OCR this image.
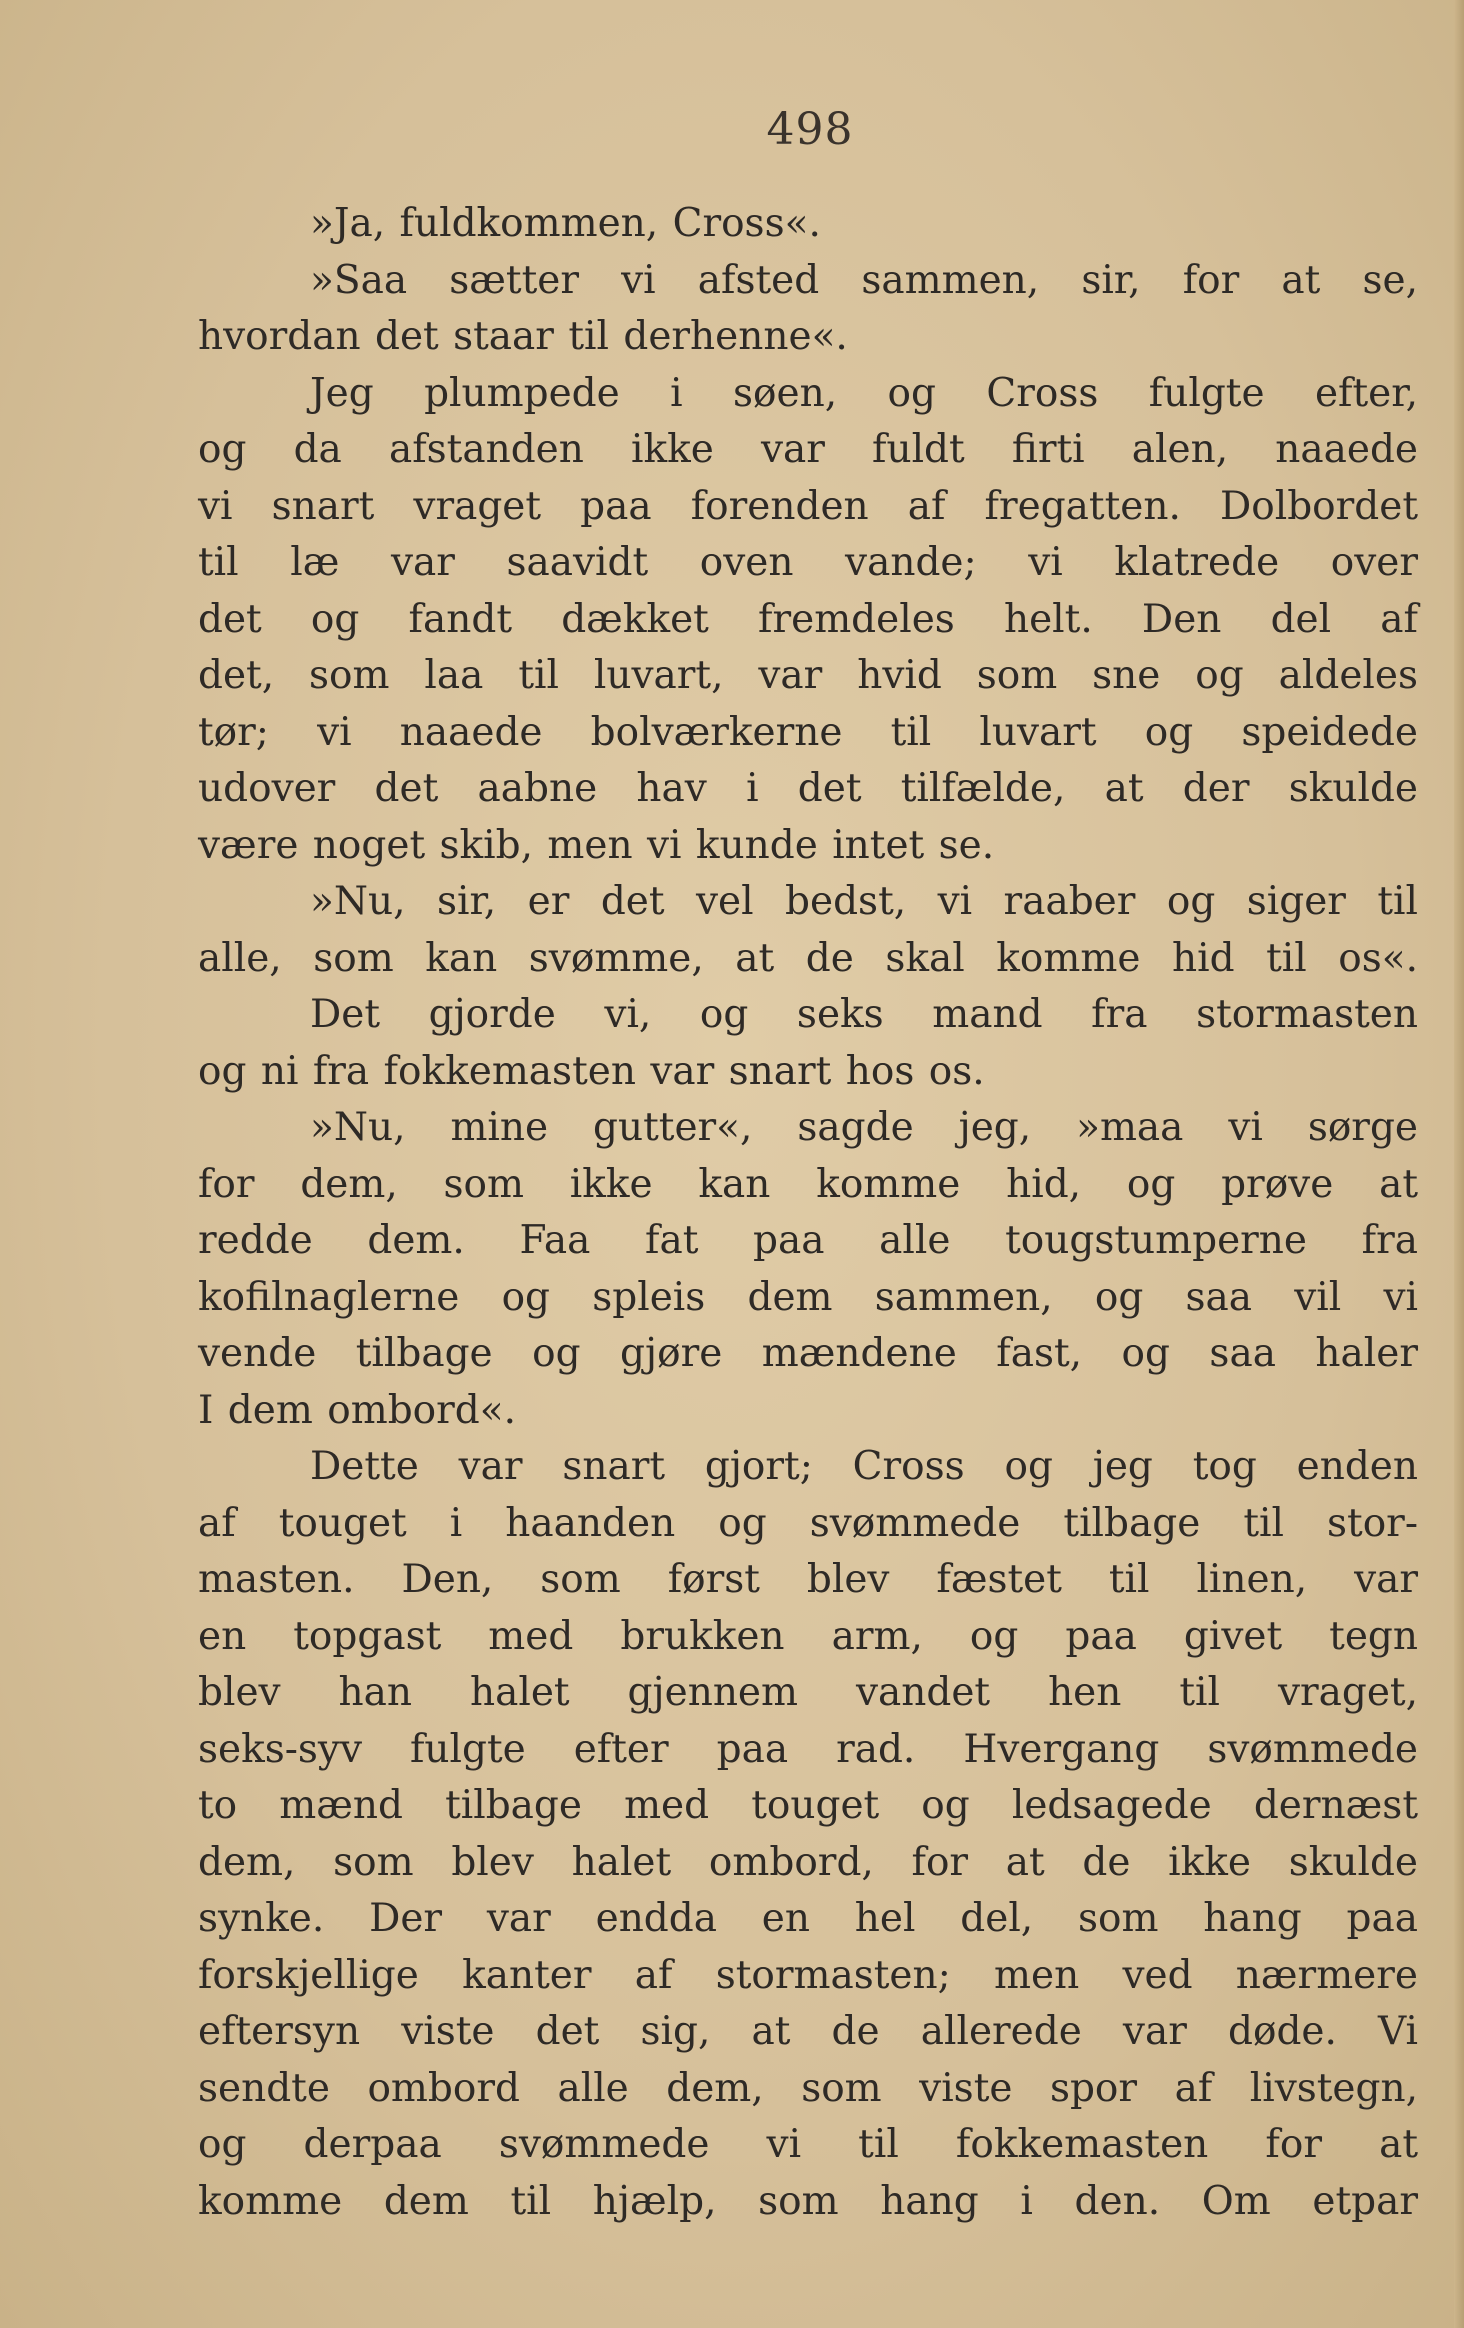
498
»Ja, fuldkommen, Cross«.
»Saa sætter vi afsted sammen, sir, for at se,
hvordan det staar til derhenne«.
Jeg plumpede i søen, og Cross fulgte efter,
og da afstanden ikke var fuldt firti alen, naaede
vi snart vraget paa forenden af fregatten. Dolbordet
til læ var saavidt oven vande; vi klatrede over
det og fandt dækket fremdeles helt. Den del af
det, som laa til luvart, var hvid som sne og aldeles
tør; vi naaede bolværkerne til luvart og speidede
udover det aabne hav i det tilfælde, at der skulde
være noget skib, men vi kunde intet se.
»Nu, sir, er det vel bedst, vi raaber og siger til
alle, som kan svømme, at de skal komme hid til os«.
Det gjorde vi, og seks mand fra stormasten
og ni fra fokkemasten var snart hos os.
»Nu, mine gutter«, sagde jeg, »maa vi sørge
for dem, som ikke kan komme hid, og prøve at
redde dem. Faa fat paa alle tougstumperne fra
kofilnaglerne og spleis dem sammen, og saa vil vi
vende tilbage og gjøre mændene fast, og saa haler
I dem ombord«.
Dette var snart gjort; Cross og jeg tog enden
af touget i haanden og svømmede tilbage til stor-
masten. Den, som først blev fæstet til linen, var
en topgast med brukken arm, og paa givet tegn
blev han halet gjennem vandet hen til vraget,
seks-syv fulgte efter paa rad. Hvergang svømmede
to mænd tilbage med touget og ledsagede dernæst
dem, som blev halet ombord, for at de ikke skulde
synke. Der var endda en hel del, som hang paa
forskjellige kanter af stormasten; men ved nærmere
eftersyn viste det sig, at de allerede var døde. Vi
sendte ombord alle dem, som viste spor af livstegn,
og derpaa svømmede vi til fokkemasten for at
komme dem til hjælp, som hang i den. Om etpar
